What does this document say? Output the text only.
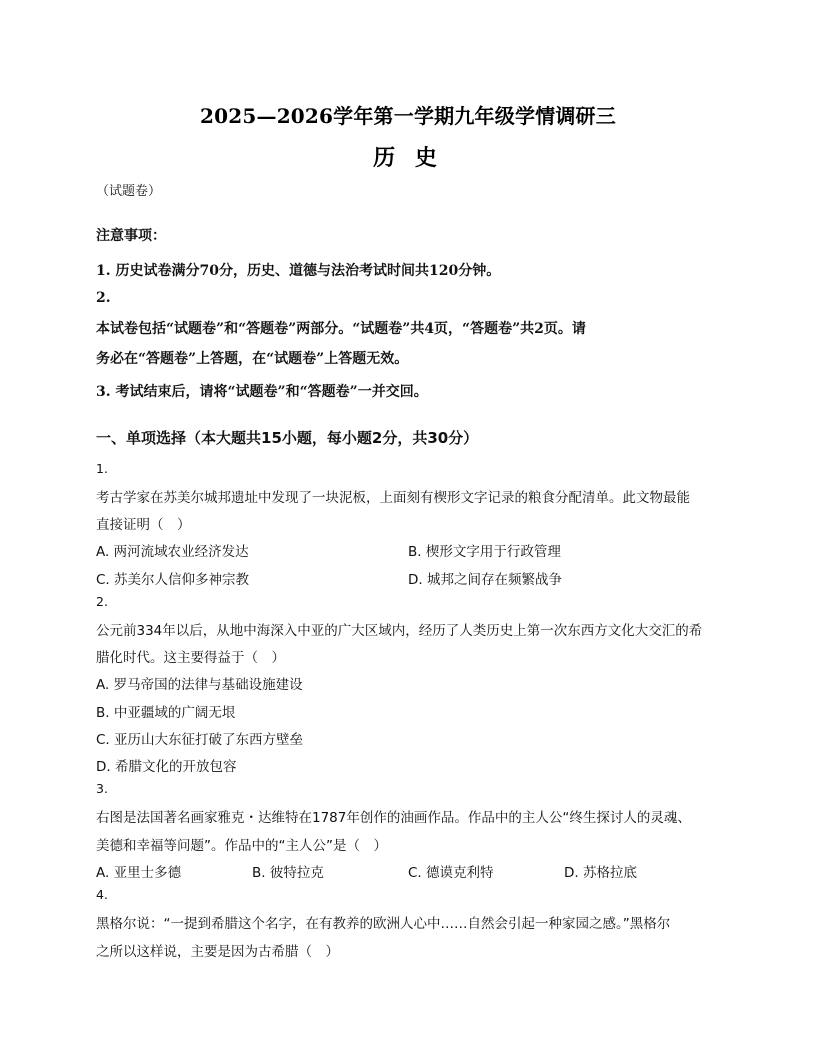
2025—2026学年第一学期九年级学情调研三
历 史
（试题卷）
注意事项：
1. 历史试卷满分70分，历史、道德与法治考试时间共120分钟。
2.
本试卷包括“试题卷”和“答题卷”两部分。“试题卷”共4页，“答题卷”共2页。请
务必在“答题卷”上答题，在“试题卷”上答题无效。
3. 考试结束后，请将“试题卷”和“答题卷”一并交回。
一、单项选择（本大题共15小题，每小题2分，共30分）
1.
考古学家在苏美尔城邦遗址中发现了一块泥板，上面刻有楔形文字记录的粮食分配清单。此文物最能
直接证明（　）
A. 两河流域农业经济发达	B. 楔形文字用于行政管理
C. 苏美尔人信仰多神宗教	D. 城邦之间存在频繁战争
2.
公元前334年以后，从地中海深入中亚的广大区域内，经历了人类历史上第一次东西方文化大交汇的希
腊化时代。这主要得益于（　）
A. 罗马帝国的法律与基础设施建设
B. 中亚疆域的广阔无垠
C. 亚历山大东征打破了东西方壁垒
D. 希腊文化的开放包容
3.
右图是法国著名画家雅克・达维特在1787年创作的油画作品。作品中的主人公“终生探讨人的灵魂、
美德和幸福等问题”。作品中的“主人公”是（　）
A. 亚里士多德	B. 彼特拉克	C. 德谟克利特	D. 苏格拉底
4.
黑格尔说：“一提到希腊这个名字，在有教养的欧洲人心中……自然会引起一种家园之感。”黑格尔
之所以这样说，主要是因为古希腊（　）
